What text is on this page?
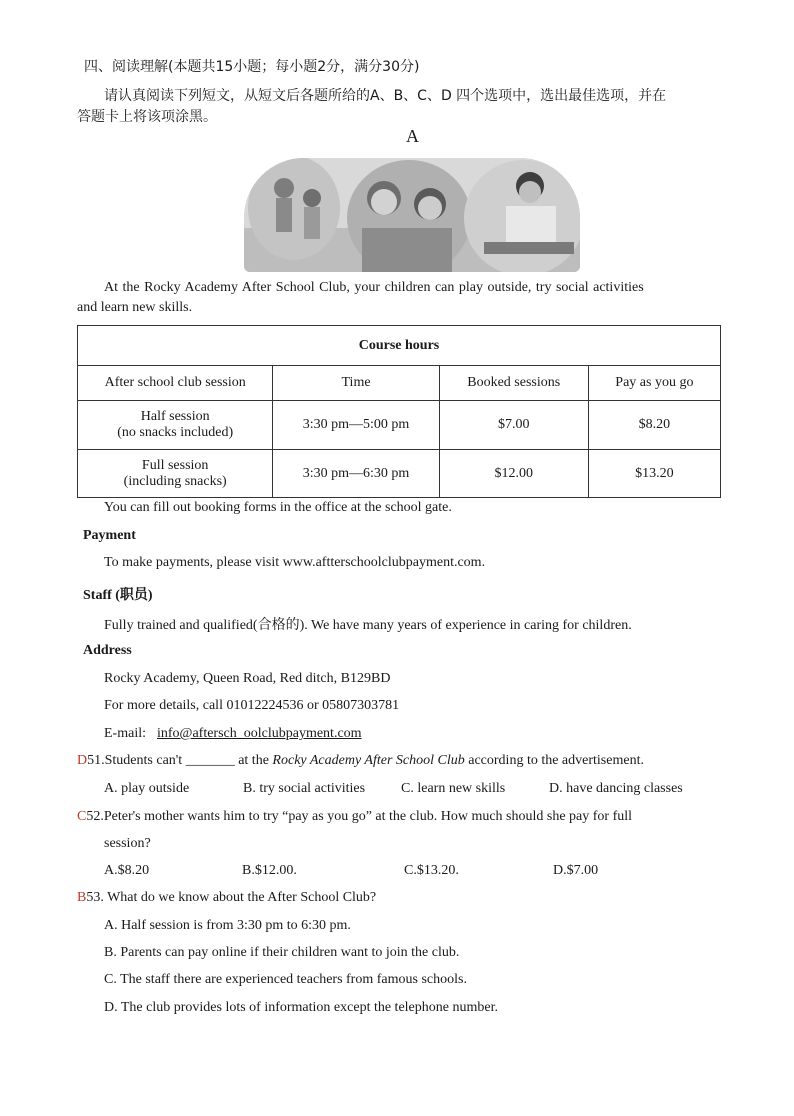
四、阅读理解(本题共15小题；每小题2分，满分30分)
请认真阅读下列短文，从短文后各题所给的A、B、C、D 四个选项中，选出最佳选项，并在
答题卡上将该项涂黑。
A
At the Rocky Academy After School Club, your children can play outside, try social activities
and learn new skills.
Course hours			
After school club session	Time	Booked sessions	Pay as you go

Half session
(no snacks included)	3:30 pm—5:00 pm	$7.00	$8.20

Full session
(including snacks)	3:30 pm—6:30 pm	$12.00	$13.20
You can fill out booking forms in the office at the school gate.
Payment
To make payments, please visit www.aftterschoolclubpayment.com.
Staff (职员)
Fully trained and qualified(合格的). We have many years of experience in caring for children.
Address
Rocky Academy, Queen Road, Red ditch, B129BD
For more details, call 01012224536 or 05807303781
E-mail: info@aftersch_oolclubpayment.com
D51.Students can't _______ at the Rocky Academy After School Club according to the advertisement.
A. play outside	B. try social activities	C. learn new skills	D. have dancing classes
C52.Peter's mother wants him to try “pay as you go” at the club. How much should she pay for full
session?
A.$8.20	B.$12.00.	C.$13.20.	D.$7.00
B53. What do we know about the After School Club?
A. Half session is from 3:30 pm to 6:30 pm.
B. Parents can pay online if their children want to join the club.
C. The staff there are experienced teachers from famous schools.
D. The club provides lots of information except the telephone number.
